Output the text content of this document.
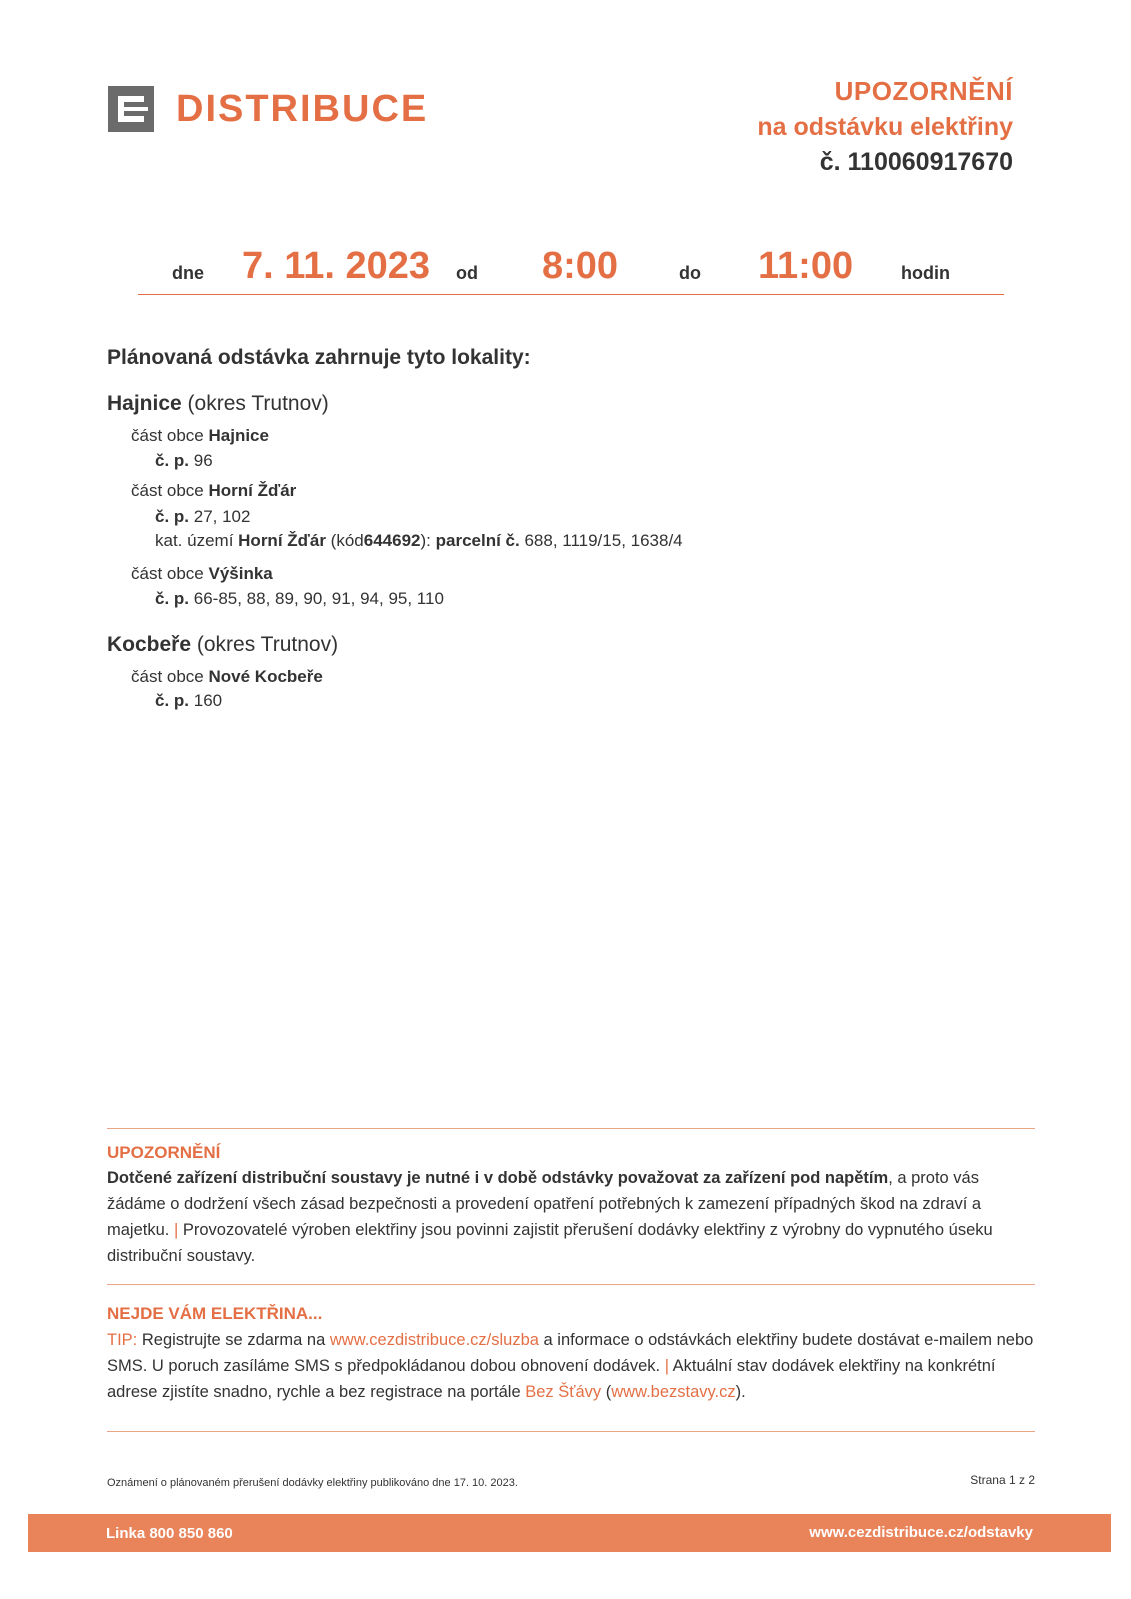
DISTRIBUCE	UPOZORNĚNÍ
na odstávku elektřiny
č. 110060917670
dne 7. 11. 2023 od 8:00	do 11:00	hodin
Plánovaná odstávka zahrnuje tyto lokality:
Hajnice (okres Trutnov)
část obce Hajnice
č. p. 96
část obce Horní Žďár
č. p. 27, 102
kat. území Horní Žďár (kód644692): parcelní č. 688, 1119/15, 1638/4
část obce Výšinka
č. p. 66-85, 88, 89, 90, 91, 94, 95, 110
Kocbeře (okres Trutnov)
část obce Nové Kocbeře
č. p. 160
UPOZORNĚNÍ
Dotčené zařízení distribuční soustavy je nutné i v době odstávky považovat za zařízení pod napětím, a proto vás žádáme o dodržení všech zásad bezpečnosti a provedení opatření potřebných k zamezení případných škod na zdraví a majetku. | Provozovatelé výroben elektřiny jsou povinni zajistit přerušení dodávky elektřiny z výrobny do vypnutého úseku distribuční soustavy.
NEJDE VÁM ELEKTŘINA...
TIP: Registrujte se zdarma na www.cezdistribuce.cz/sluzba a informace o odstávkách elektřiny budete dostávat e-mailem nebo SMS. U poruch zasíláme SMS s předpokládanou dobou obnovení dodávek. | Aktuální stav dodávek elektřiny na konkrétní adrese zjistíte snadno, rychle a bez registrace na portále Bez Šťávy (www.bezstavy.cz).
Oznámení o plánovaném přerušení dodávky elektřiny publikováno dne 17. 10. 2023.	Strana 1 z 2
Linka 800 850 860	www.cezdistribuce.cz/odstavky
